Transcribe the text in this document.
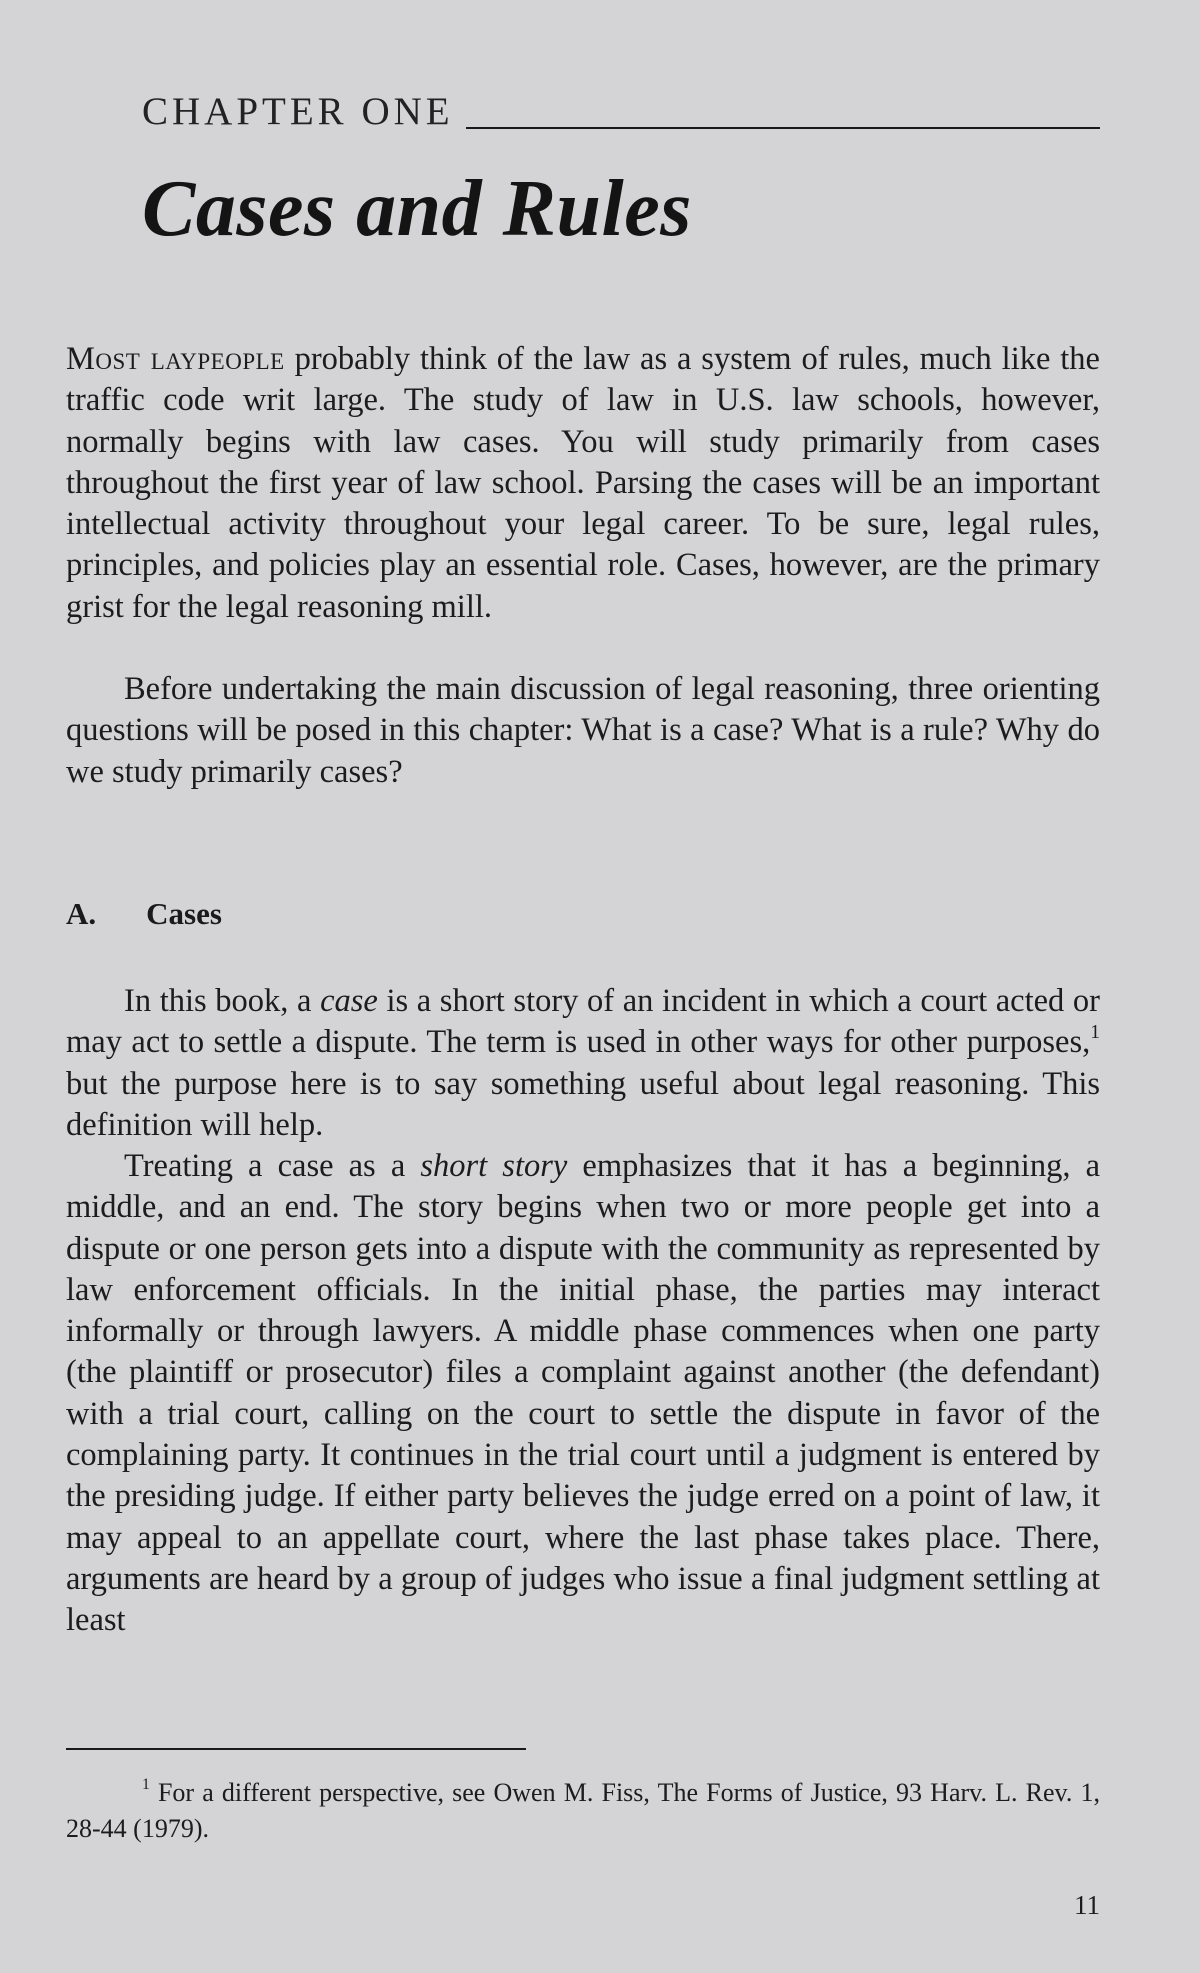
CHAPTER ONE
Cases and Rules

Most laypeople probably think of the law as a system of rules, much like the traffic code writ large. The study of law in U.S. law schools, however, normally begins with law cases. You will study primarily from cases throughout the first year of law school. Parsing the cases will be an important intellectual activity throughout your legal career. To be sure, legal rules, principles, and policies play an essential role. Cases, however, are the primary grist for the legal reasoning mill.

Before undertaking the main discussion of legal reasoning, three orienting questions will be posed in this chapter: What is a case? What is a rule? Why do we study primarily cases?

A. Cases

In this book, a case is a short story of an incident in which a court acted or may act to settle a dispute. The term is used in other ways for other purposes,$^1$ but the purpose here is to say something useful about legal reasoning. This definition will help.

Treating a case as a short story emphasizes that it has a beginning, a middle, and an end. The story begins when two or more people get into a dispute or one person gets into a dispute with the community as represented by law enforcement officials. In the initial phase, the parties may interact informally or through lawyers. A middle phase commences when one party (the plaintiff or prosecutor) files a complaint against another (the defendant) with a trial court, calling on the court to settle the dispute in favor of the complaining party. It continues in the trial court until a judgment is entered by the presiding judge. If either party believes the judge erred on a point of law, it may appeal to an appellate court, where the last phase takes place. There, arguments are heard by a group of judges who issue a final judgment settling at least

$^1$ For a different perspective, see Owen M. Fiss, The Forms of Justice, 93 Harv. L. Rev. 1, 28-44 (1979).

11
